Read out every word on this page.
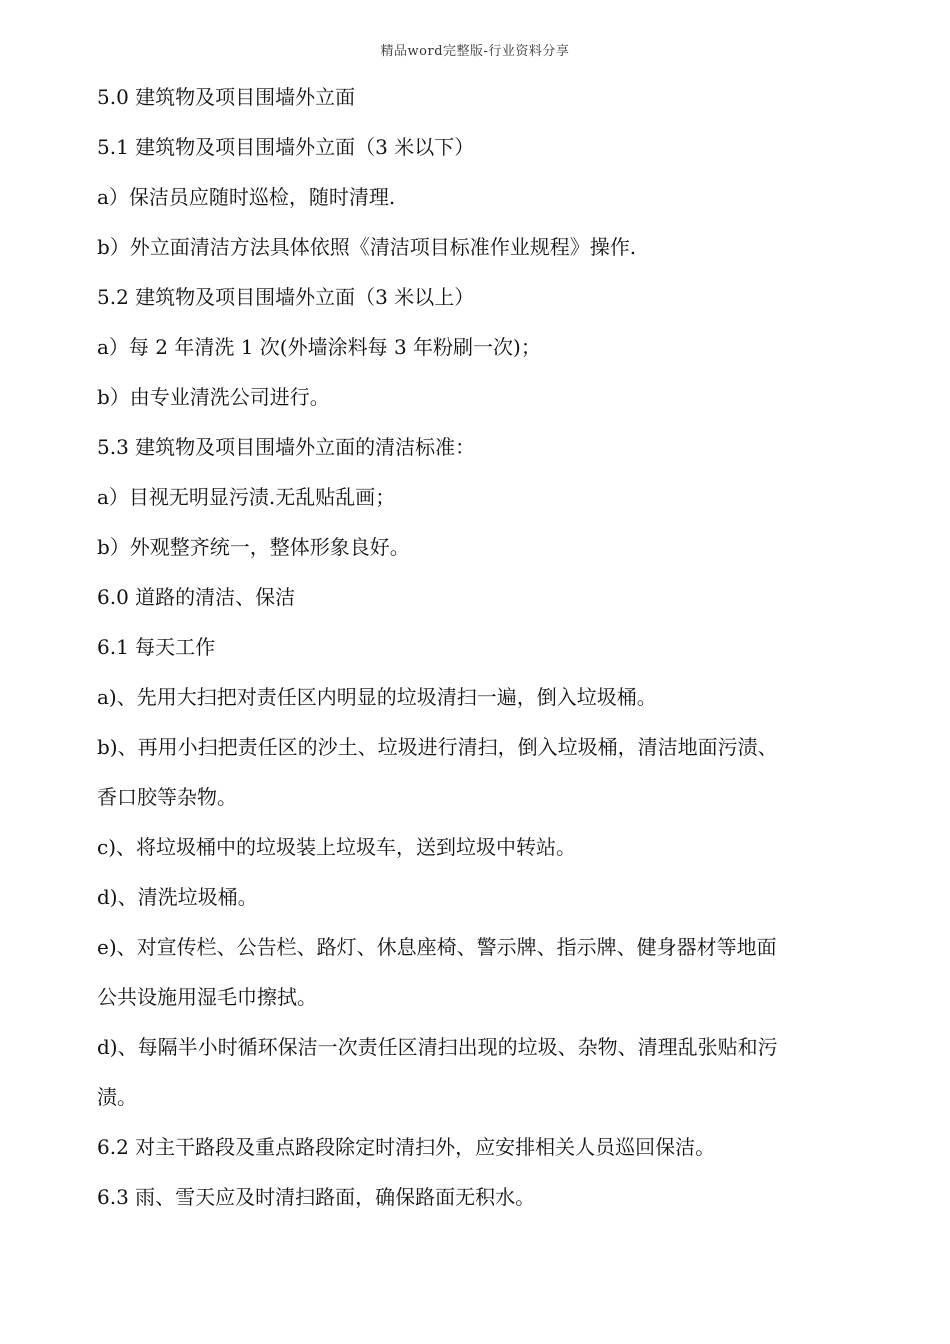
精品word完整版-行业资料分享
5.0 建筑物及项目围墙外立面
5.1 建筑物及项目围墙外立面（3 米以下）
a）保洁员应随时巡检，随时清理.
b）外立面清洁方法具体依照《清洁项目标准作业规程》操作.
5.2 建筑物及项目围墙外立面（3 米以上）
a）每 2 年清洗 1 次(外墙涂料每 3 年粉刷一次)；
b）由专业清洗公司进行。
5.3 建筑物及项目围墙外立面的清洁标准：
a）目视无明显污渍.无乱贴乱画；
b）外观整齐统一，整体形象良好。
6.0 道路的清洁、保洁
6.1 每天工作
a)、先用大扫把对责任区内明显的垃圾清扫一遍，倒入垃圾桶。
b)、再用小扫把责任区的沙土、垃圾进行清扫，倒入垃圾桶，清洁地面污渍、
香口胶等杂物。
c)、将垃圾桶中的垃圾装上垃圾车，送到垃圾中转站。
d)、清洗垃圾桶。
e)、对宣传栏、公告栏、路灯、休息座椅、警示牌、指示牌、健身器材等地面
公共设施用湿毛巾擦拭。
d)、每隔半小时循环保洁一次责任区清扫出现的垃圾、杂物、清理乱张贴和污
渍。
6.2 对主干路段及重点路段除定时清扫外，应安排相关人员巡回保洁。
6.3 雨、雪天应及时清扫路面，确保路面无积水。
